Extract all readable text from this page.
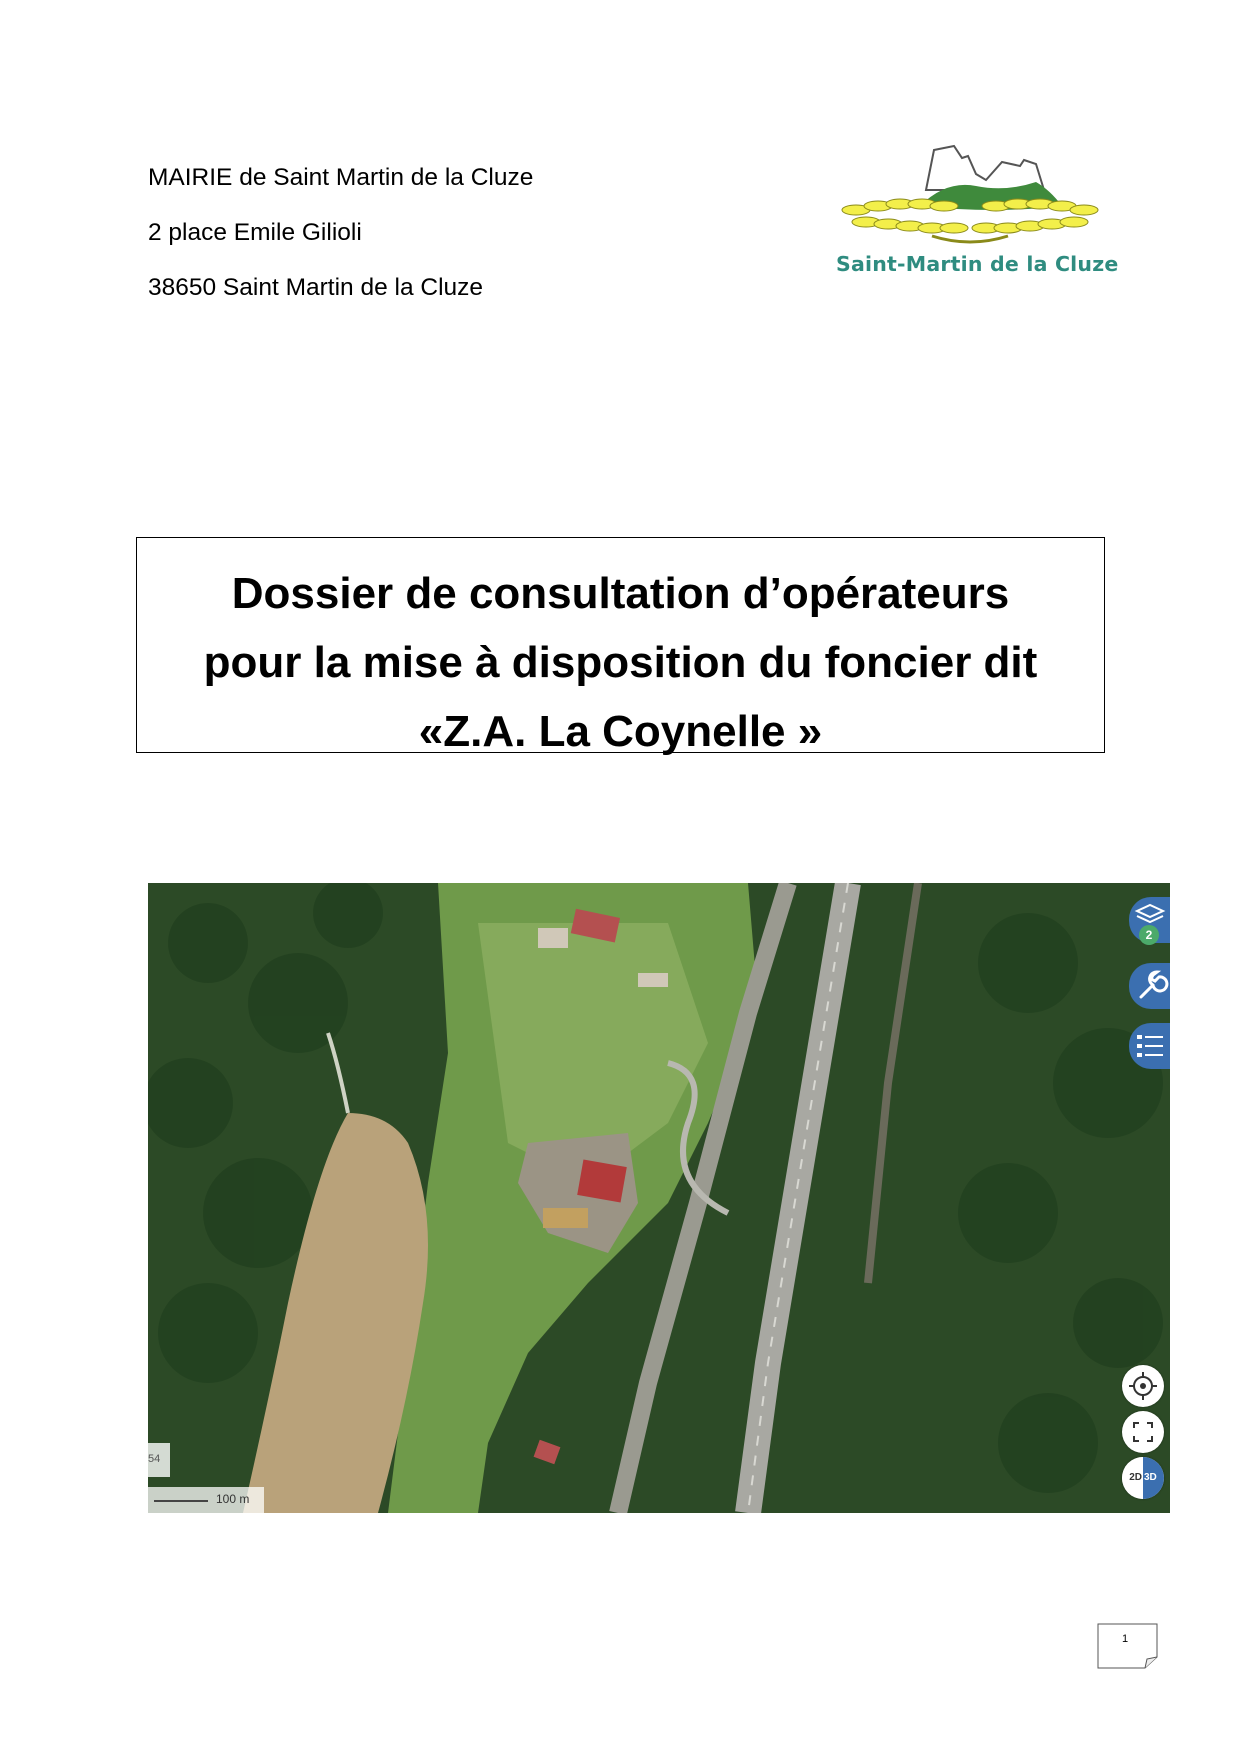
MAIRIE de Saint Martin de la Cluze
2 place Emile Gilioli
38650 Saint Martin de la Cluze
Saint-Martin de la Cluze
Dossier de consultation d’opérateurs
pour la mise à disposition du foncier dit
«Z.A. La Coynelle »
2
2D 3D
54
100 m
1
